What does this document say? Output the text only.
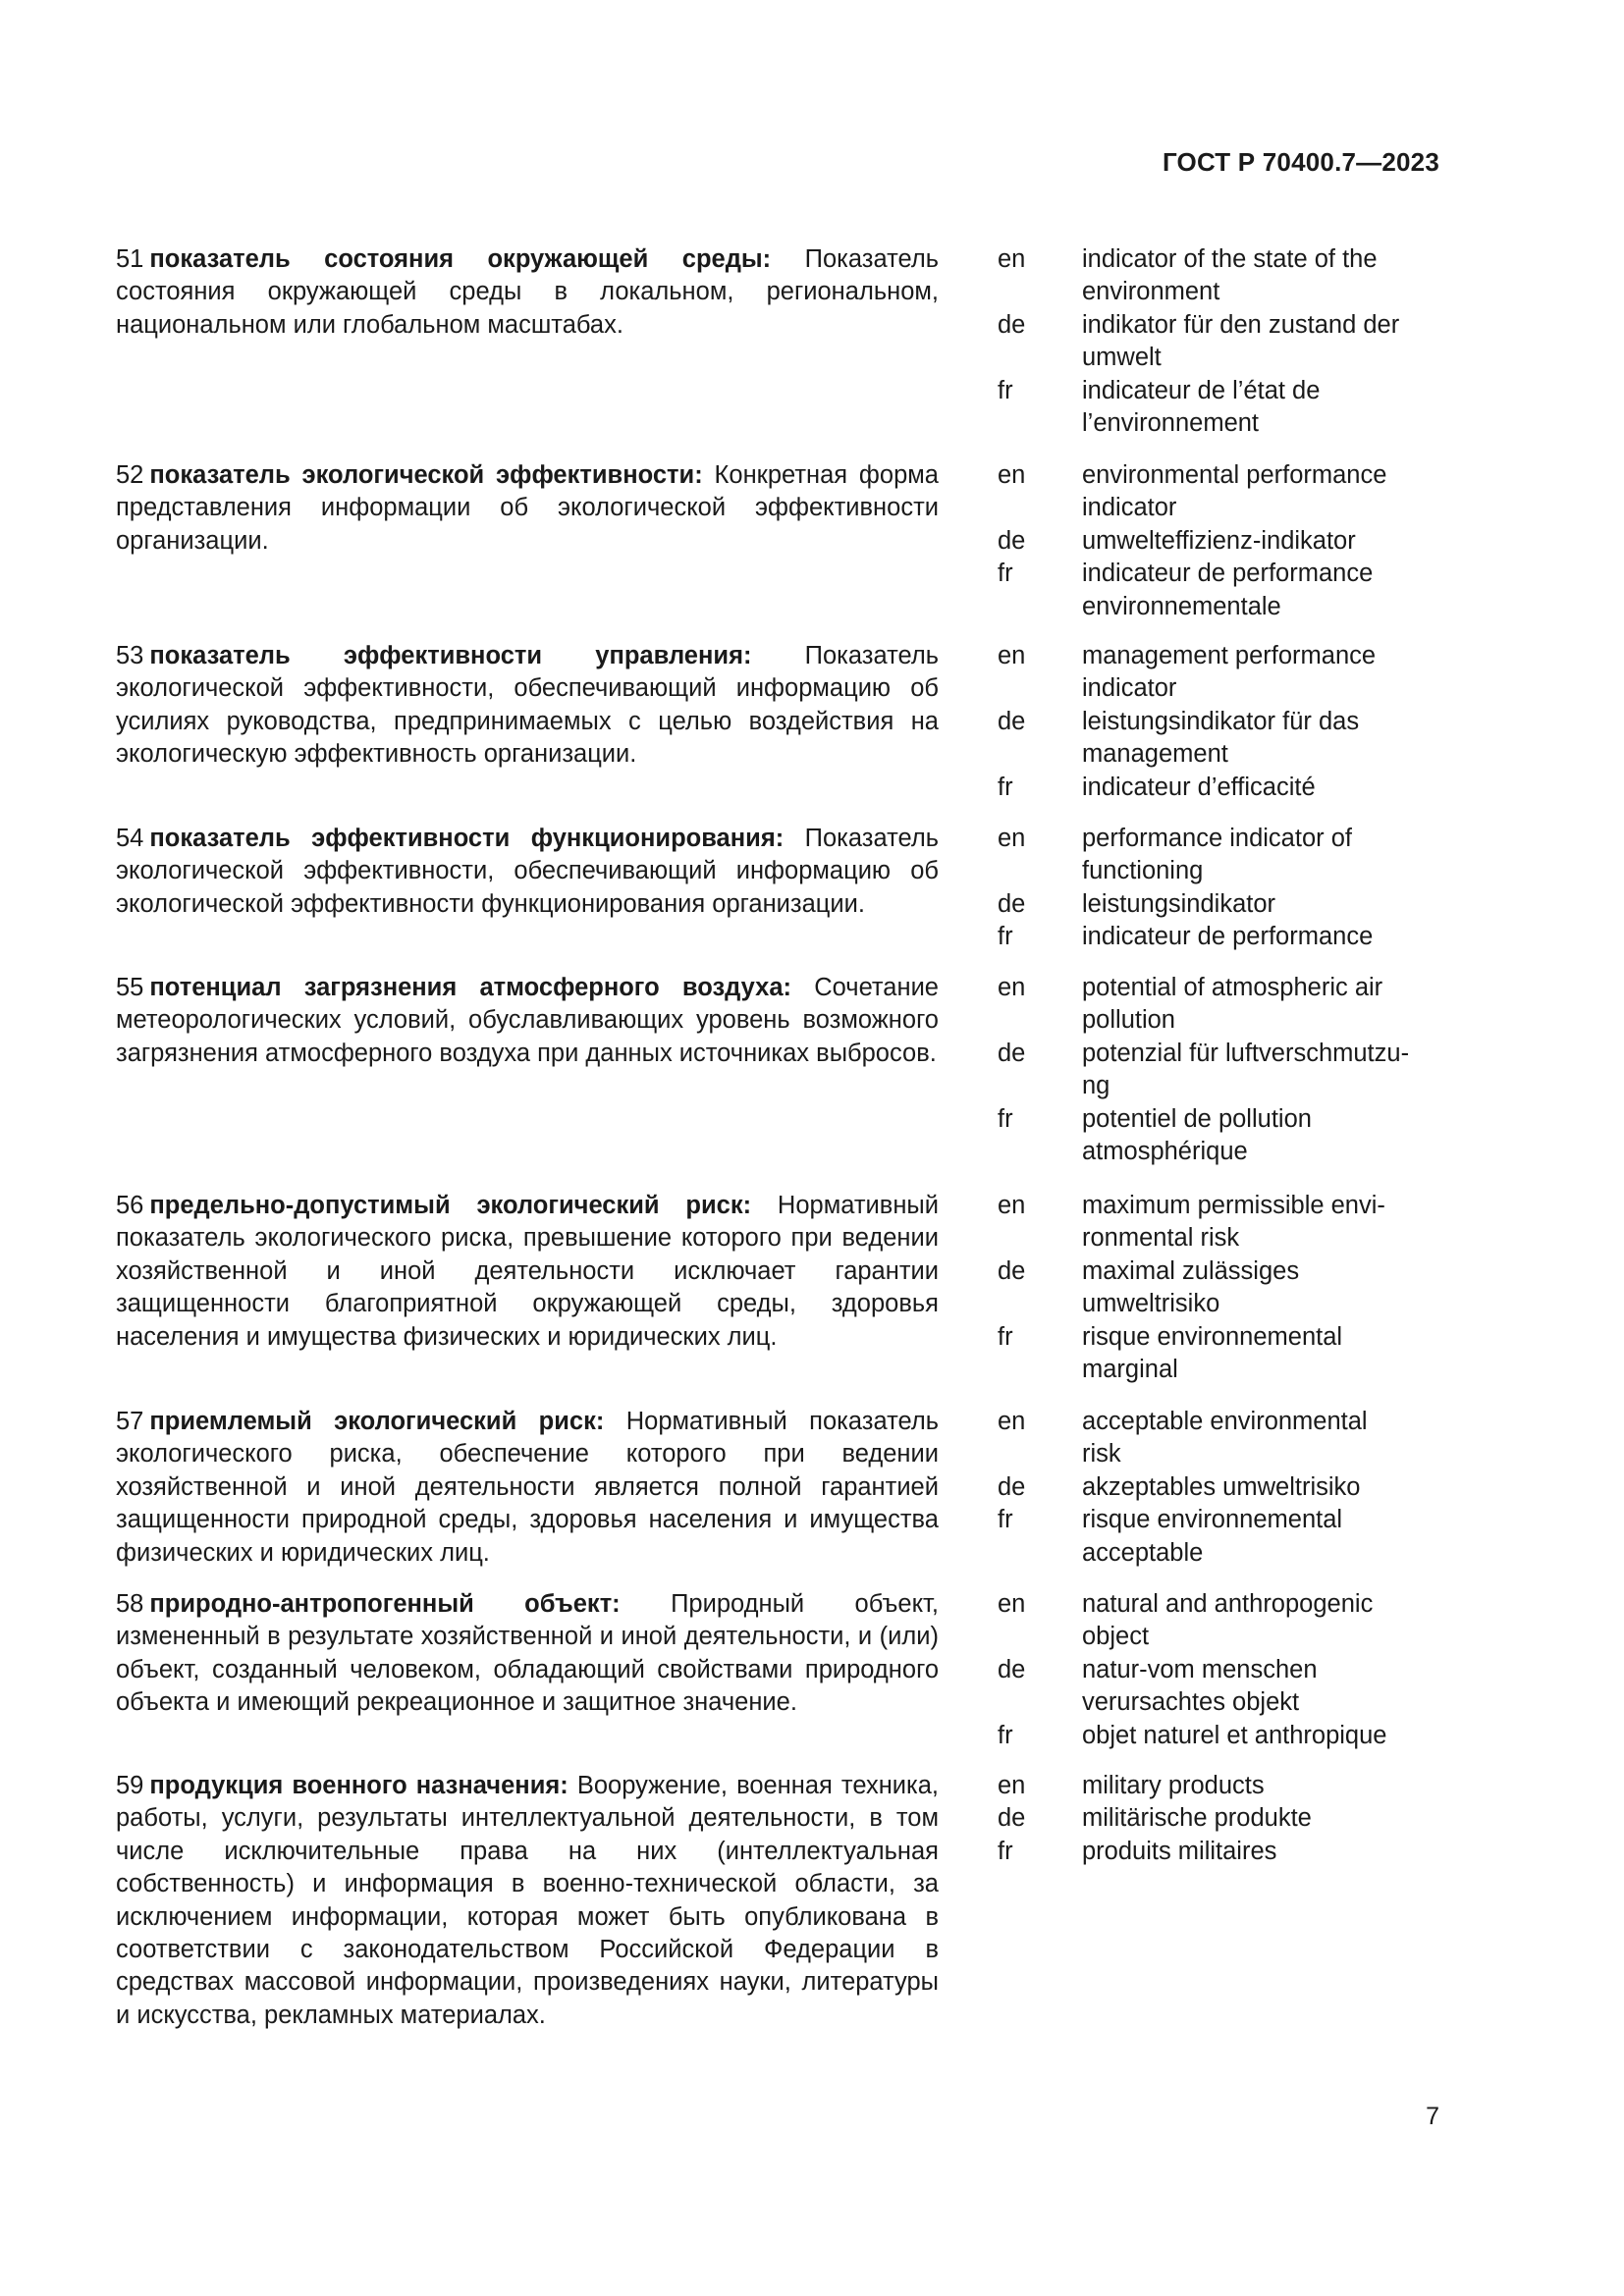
ГОСТ Р 70400.7—2023
51 показатель состояния окружающей среды: Показатель состояния окружающей среды в локальном, региональном, национальном или глобальном масштабах.
en	indicator of the state of the
environment
de	indikator für den zustand der
umwelt
fr	indicateur de l’état de
l’environnement
52 показатель экологической эффективности: Конкретная форма представления информации об экологической эффективности организации.
en	environmental performance
indicator
de	umwelteffizienz-indikator
fr	indicateur de performance
environnementale
53 показатель эффективности управления: Показатель экологической эффективности, обеспечивающий информацию об усилиях руководства, предпринимаемых с целью воздействия на экологическую эффективность организации.
en	management performance
indicator
de	leistungsindikator für das
management
fr	indicateur d’efficacité
54 показатель эффективности функционирования: Показатель экологической эффективности, обеспечивающий информацию об экологической эффективности функционирования организации.
en	performance indicator of
functioning
de	leistungsindikator
fr	indicateur de performance
55 потенциал загрязнения атмосферного воздуха: Сочетание метеорологических условий, обуславливающих уровень возможного загрязнения атмосферного воздуха при данных источниках выбросов.
en	potential of atmospheric air
pollution
de	potenzial für luftverschmutzu-
ng
fr	potentiel de pollution
atmosphérique
56 предельно-допустимый экологический риск: Нормативный показатель экологического риска, превышение которого при ведении хозяйственной и иной деятельности исключает гарантии защищенности благоприятной окружающей среды, здоровья населения и имущества физических и юридических лиц.
en	maximum permissible envi-
ronmental risk
de	maximal zulässiges
umweltrisiko
fr	risque environnemental
marginal
57 приемлемый экологический риск: Нормативный показатель экологического риска, обеспечение которого при ведении хозяйственной и иной деятельности является полной гарантией защищенности природной среды, здоровья населения и имущества физических и юридических лиц.
en	acceptable environmental
risk
de	akzeptables umweltrisiko
fr	risque environnemental
acceptable
58 природно-антропогенный объект: Природный объект, измененный в результате хозяйственной и иной деятельности, и (или) объект, созданный человеком, обладающий свойствами природного объекта и имеющий рекреационное и защитное значение.
en	natural and anthropogenic
object
de	natur-vom menschen
verursachtes objekt
fr	objet naturel et anthropique
59 продукция военного назначения: Вооружение, военная техника, работы, услуги, результаты интеллектуальной деятельности, в том числе исключительные права на них (интеллектуальная собственность) и информация в военно-технической области, за исключением информации, которая может быть опубликована в соответствии с законодательством Российской Федерации в средствах массовой информации, произведениях науки, литературы и искусства, рекламных материалах.
en	military products
de	militärische produkte
fr	produits militaires
7
